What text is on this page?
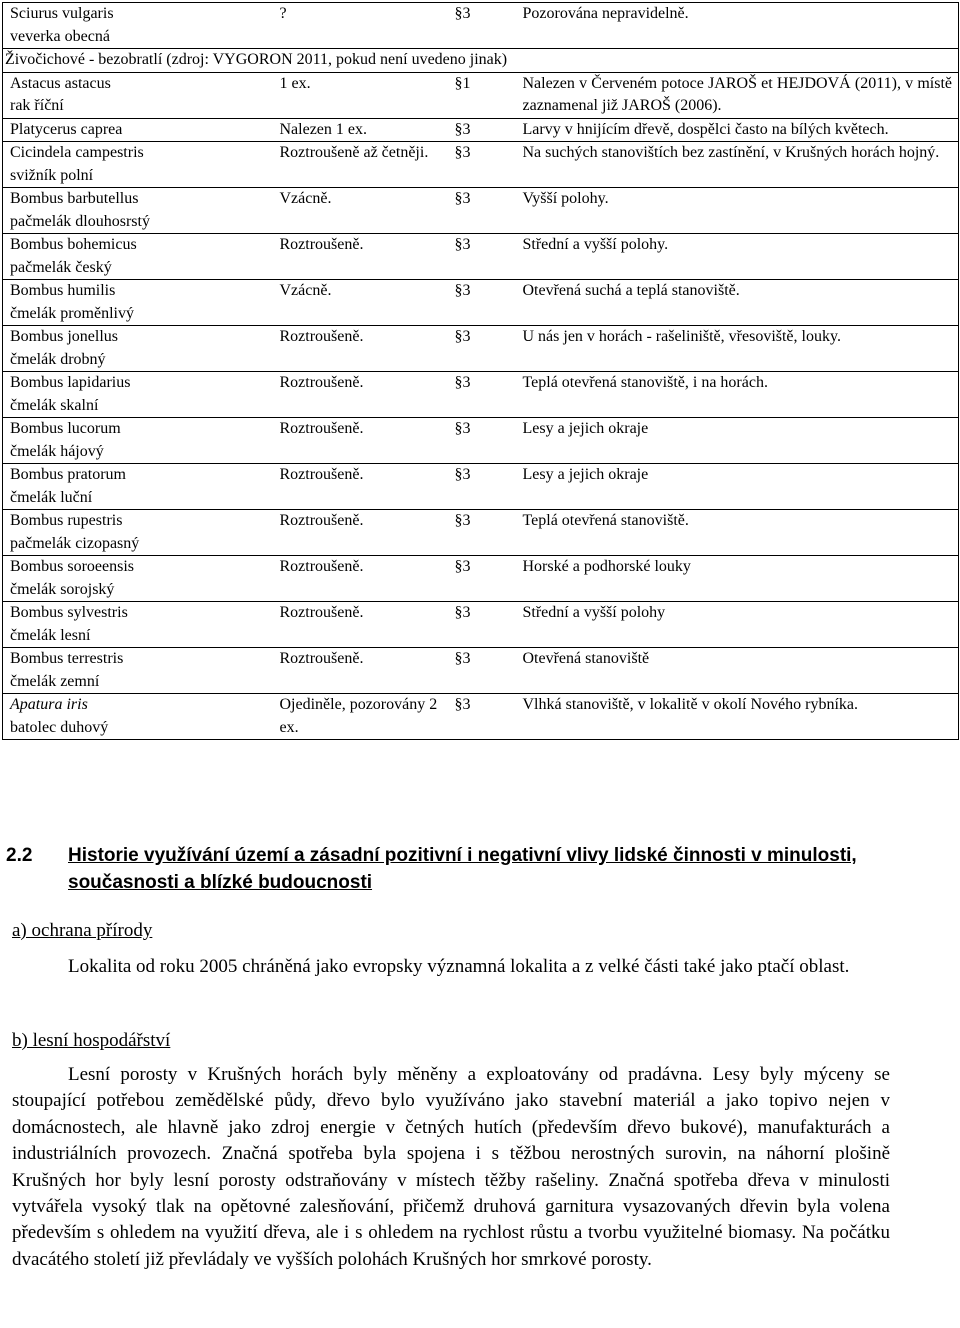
Sciurus vulgaris
veverka obecná	?	§3	Pozorována nepravidelně.
Živočichové - bezobratlí (zdroj: VYGORON 2011, pokud není uvedeno jinak)			

Astacus astacus
rak říční	1 ex.	§1	Nalezen v Červeném potoce JAROŠ et HEJDOVÁ (2011), v místě zaznamenal již JAROŠ (2006).

Platycerus caprea	Nalezen 1 ex.	§3	Larvy v hnijícím dřevě, dospělci často na bílých květech.

Cicindela campestris
svižník polní	Roztroušeně až četněji.	§3	Na suchých stanovištích bez zastínění, v Krušných horách hojný.

Bombus barbutellus
pačmelák dlouhosrstý	Vzácně.	§3	Vyšší polohy.

Bombus bohemicus
pačmelák český	Roztroušeně.	§3	Střední a vyšší polohy.

Bombus humilis
čmelák proměnlivý	Vzácně.	§3	Otevřená suchá a teplá stanoviště.

Bombus jonellus
čmelák drobný	Roztroušeně.	§3	U nás jen v horách - rašeliniště, vřesoviště, louky.

Bombus lapidarius
čmelák skalní	Roztroušeně.	§3	Teplá otevřená stanoviště, i na horách.

Bombus lucorum
čmelák hájový	Roztroušeně.	§3	Lesy a jejich okraje

Bombus pratorum
čmelák luční	Roztroušeně.	§3	Lesy a jejich okraje

Bombus rupestris
pačmelák cizopasný	Roztroušeně.	§3	Teplá otevřená stanoviště.

Bombus soroeensis
čmelák sorojský	Roztroušeně.	§3	Horské a podhorské louky

Bombus sylvestris
čmelák lesní	Roztroušeně.	§3	Střední a vyšší polohy

Bombus terrestris
čmelák zemní	Roztroušeně.	§3	Otevřená stanoviště

Apatura iris
batolec duhový	Ojediněle, pozorovány 2 ex.	§3	Vlhká stanoviště, v lokalitě v okolí Nového rybníka.
2.2 Historie využívání území a zásadní pozitivní i negativní vlivy lidské činnosti v minulosti, současnosti a blízké budoucnosti
a) ochrana přírody
Lokalita od roku 2005 chráněná jako evropsky významná lokalita a z velké části také jako ptačí oblast.
b) lesní hospodářství
Lesní porosty v Krušných horách byly měněny a exploatovány od pradávna. Lesy byly mýceny se stoupající potřebou zemědělské půdy, dřevo bylo využíváno jako stavební materiál a jako topivo nejen v domácnostech, ale hlavně jako zdroj energie v četných hutích (především dřevo bukové), manufakturách a industriálních provozech. Značná spotřeba byla spojena i s těžbou nerostných surovin, na náhorní plošině Krušných hor byly lesní porosty odstraňovány v místech těžby rašeliny. Značná spotřeba dřeva v minulosti vytvářela vysoký tlak na opětovné zalesňování, přičemž druhová garnitura vysazovaných dřevin byla volena především s ohledem na využití dřeva, ale i s ohledem na rychlost růstu a tvorbu využitelné biomasy. Na počátku dvacátého století již převládaly ve vyšších polohách Krušných hor smrkové porosty.
